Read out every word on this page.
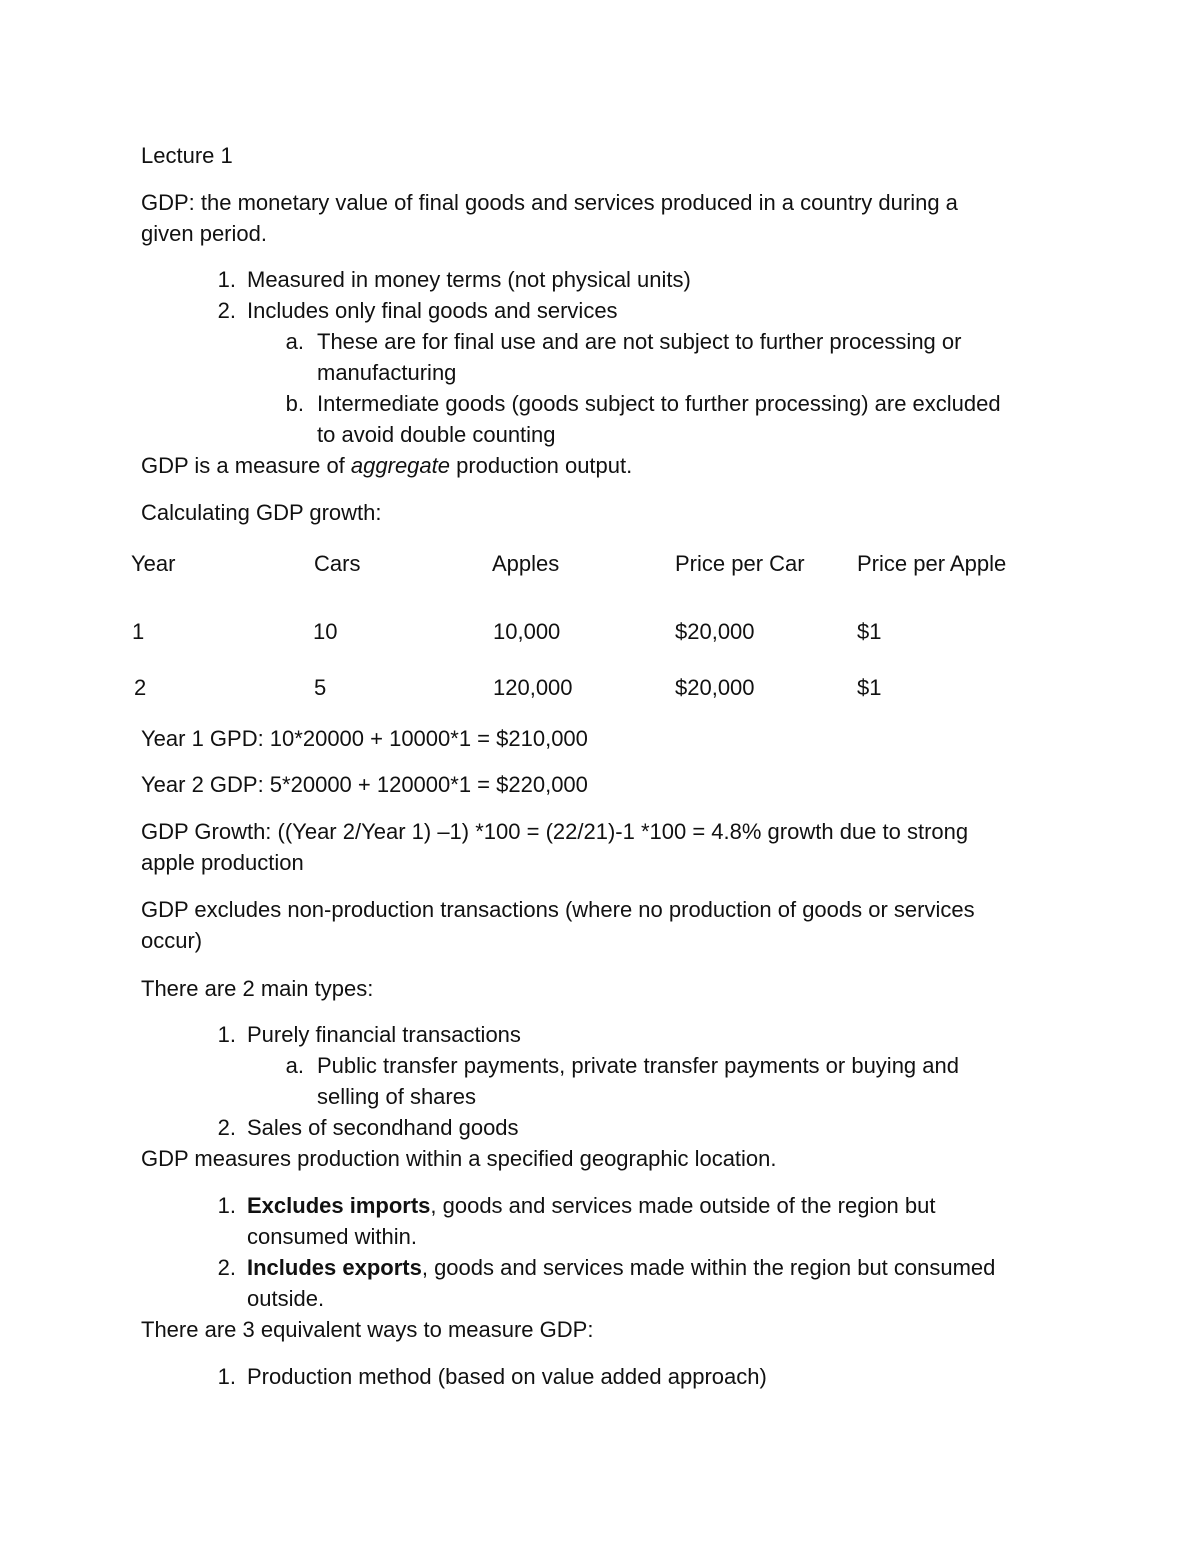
Lecture 1
GDP: the monetary value of final goods and services produced in a country during a
given period.
1. Measured in money terms (not physical units)
2. Includes only final goods and services
a. These are for final use and are not subject to further processing or
manufacturing
b. Intermediate goods (goods subject to further processing) are excluded
to avoid double counting
GDP is a measure of aggregate production output.
Calculating GDP growth:
Year	Cars	Apples	Price per Car	Price per Apple
1	10	10,000	$20,000	$1
2	5	120,000	$20,000	$1
Year 1 GPD: 10*20000 + 10000*1 = $210,000
Year 2 GDP: 5*20000 + 120000*1 = $220,000
GDP Growth: ((Year 2/Year 1) –1) *100 = (22/21)-1 *100 = 4.8% growth due to strong
apple production
GDP excludes non-production transactions (where no production of goods or services
occur)
There are 2 main types:
1. Purely financial transactions
a. Public transfer payments, private transfer payments or buying and
selling of shares
2. Sales of secondhand goods
GDP measures production within a specified geographic location.
1. Excludes imports, goods and services made outside of the region but
consumed within.
2. Includes exports, goods and services made within the region but consumed
outside.
There are 3 equivalent ways to measure GDP:
1. Production method (based on value added approach)
